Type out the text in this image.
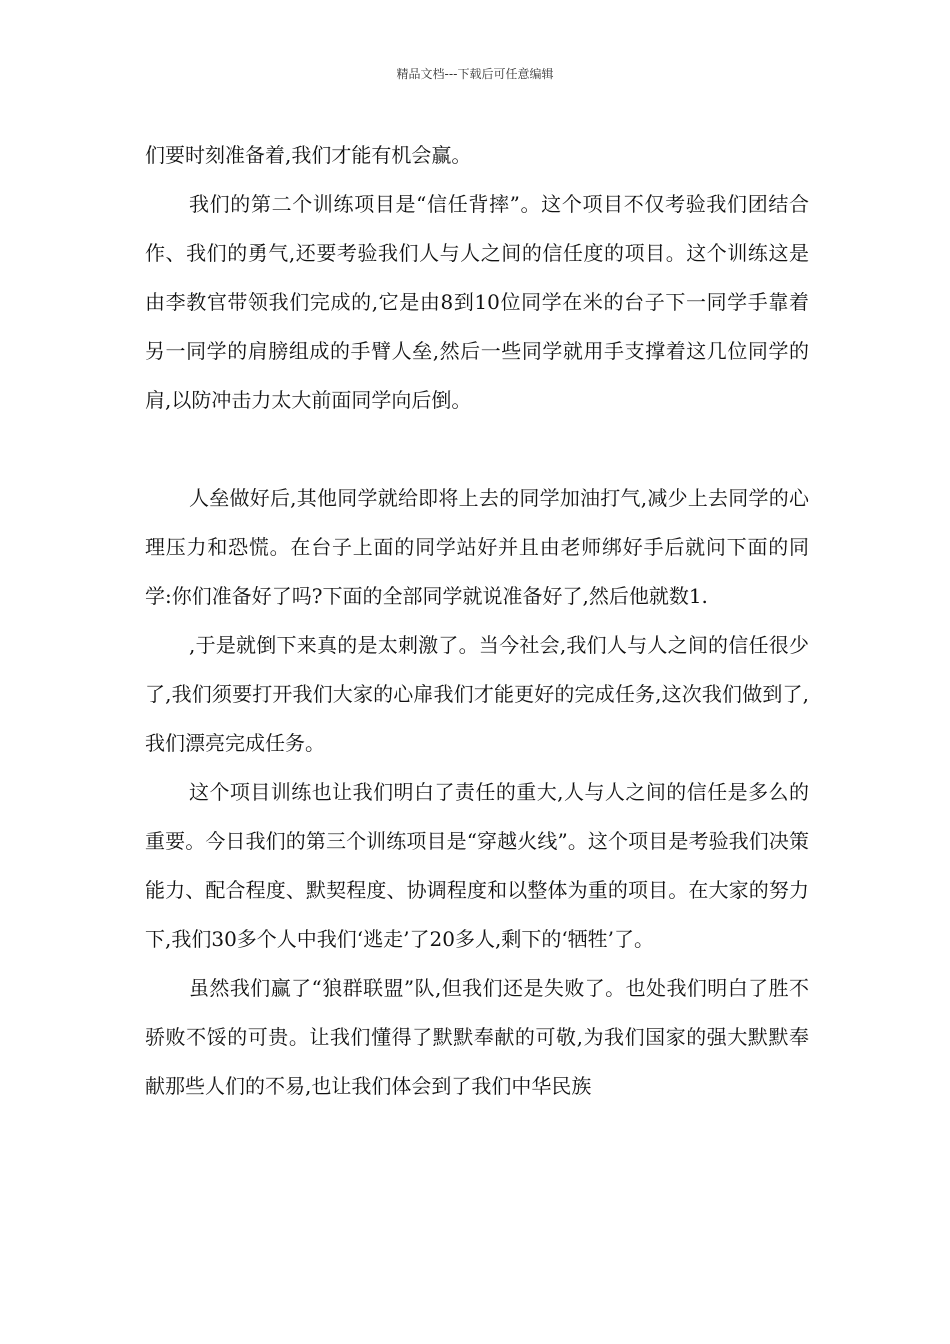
精品文档---下载后可任意编辑

们要时刻准备着,我们才能有机会赢。

我们的第二个训练项目是“信任背摔”。这个项目不仅考验我们团结合作、我们的勇气,还要考验我们人与人之间的信任度的项目。这个训练这是由李教官带领我们完成的,它是由8到10位同学在米的台子下一同学手靠着另一同学的肩膀组成的手臂人垒,然后一些同学就用手支撑着这几位同学的肩,以防冲击力太大前面同学向后倒。

人垒做好后,其他同学就给即将上去的同学加油打气,减少上去同学的心理压力和恐慌。在台子上面的同学站好并且由老师绑好手后就问下面的同学:你们准备好了吗?下面的全部同学就说准备好了,然后他就数1.

,于是就倒下来真的是太刺激了。当今社会,我们人与人之间的信任很少了,我们须要打开我们大家的心扉我们才能更好的完成任务,这次我们做到了,我们漂亮完成任务。

这个项目训练也让我们明白了责任的重大,人与人之间的信任是多么的重要。今日我们的第三个训练项目是“穿越火线”。这个项目是考验我们决策能力、配合程度、默契程度、协调程度和以整体为重的项目。在大家的努力下,我们30多个人中我们‘逃走’了20多人,剩下的‘牺牲’了。

虽然我们赢了“狼群联盟”队,但我们还是失败了。也处我们明白了胜不骄败不馁的可贵。让我们懂得了默默奉献的可敬,为我们国家的强大默默奉献那些人们的不易,也让我们体会到了我们中华民族
